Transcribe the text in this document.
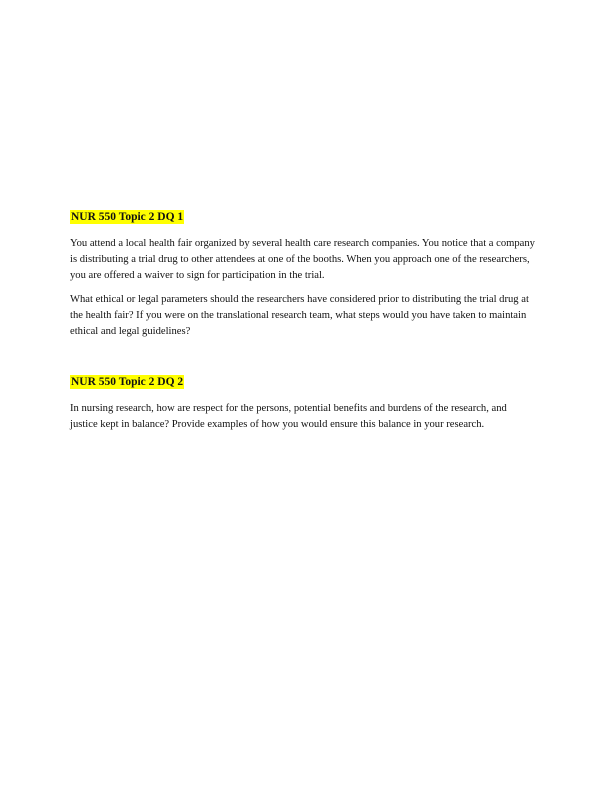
NUR 550 Topic 2 DQ 1

You attend a local health fair organized by several health care research companies. You notice that a company is distributing a trial drug to other attendees at one of the booths. When you approach one of the researchers, you are offered a waiver to sign for participation in the trial.

What ethical or legal parameters should the researchers have considered prior to distributing the trial drug at the health fair? If you were on the translational research team, what steps would you have taken to maintain ethical and legal guidelines?

NUR 550 Topic 2 DQ 2

In nursing research, how are respect for the persons, potential benefits and burdens of the research, and justice kept in balance? Provide examples of how you would ensure this balance in your research.
